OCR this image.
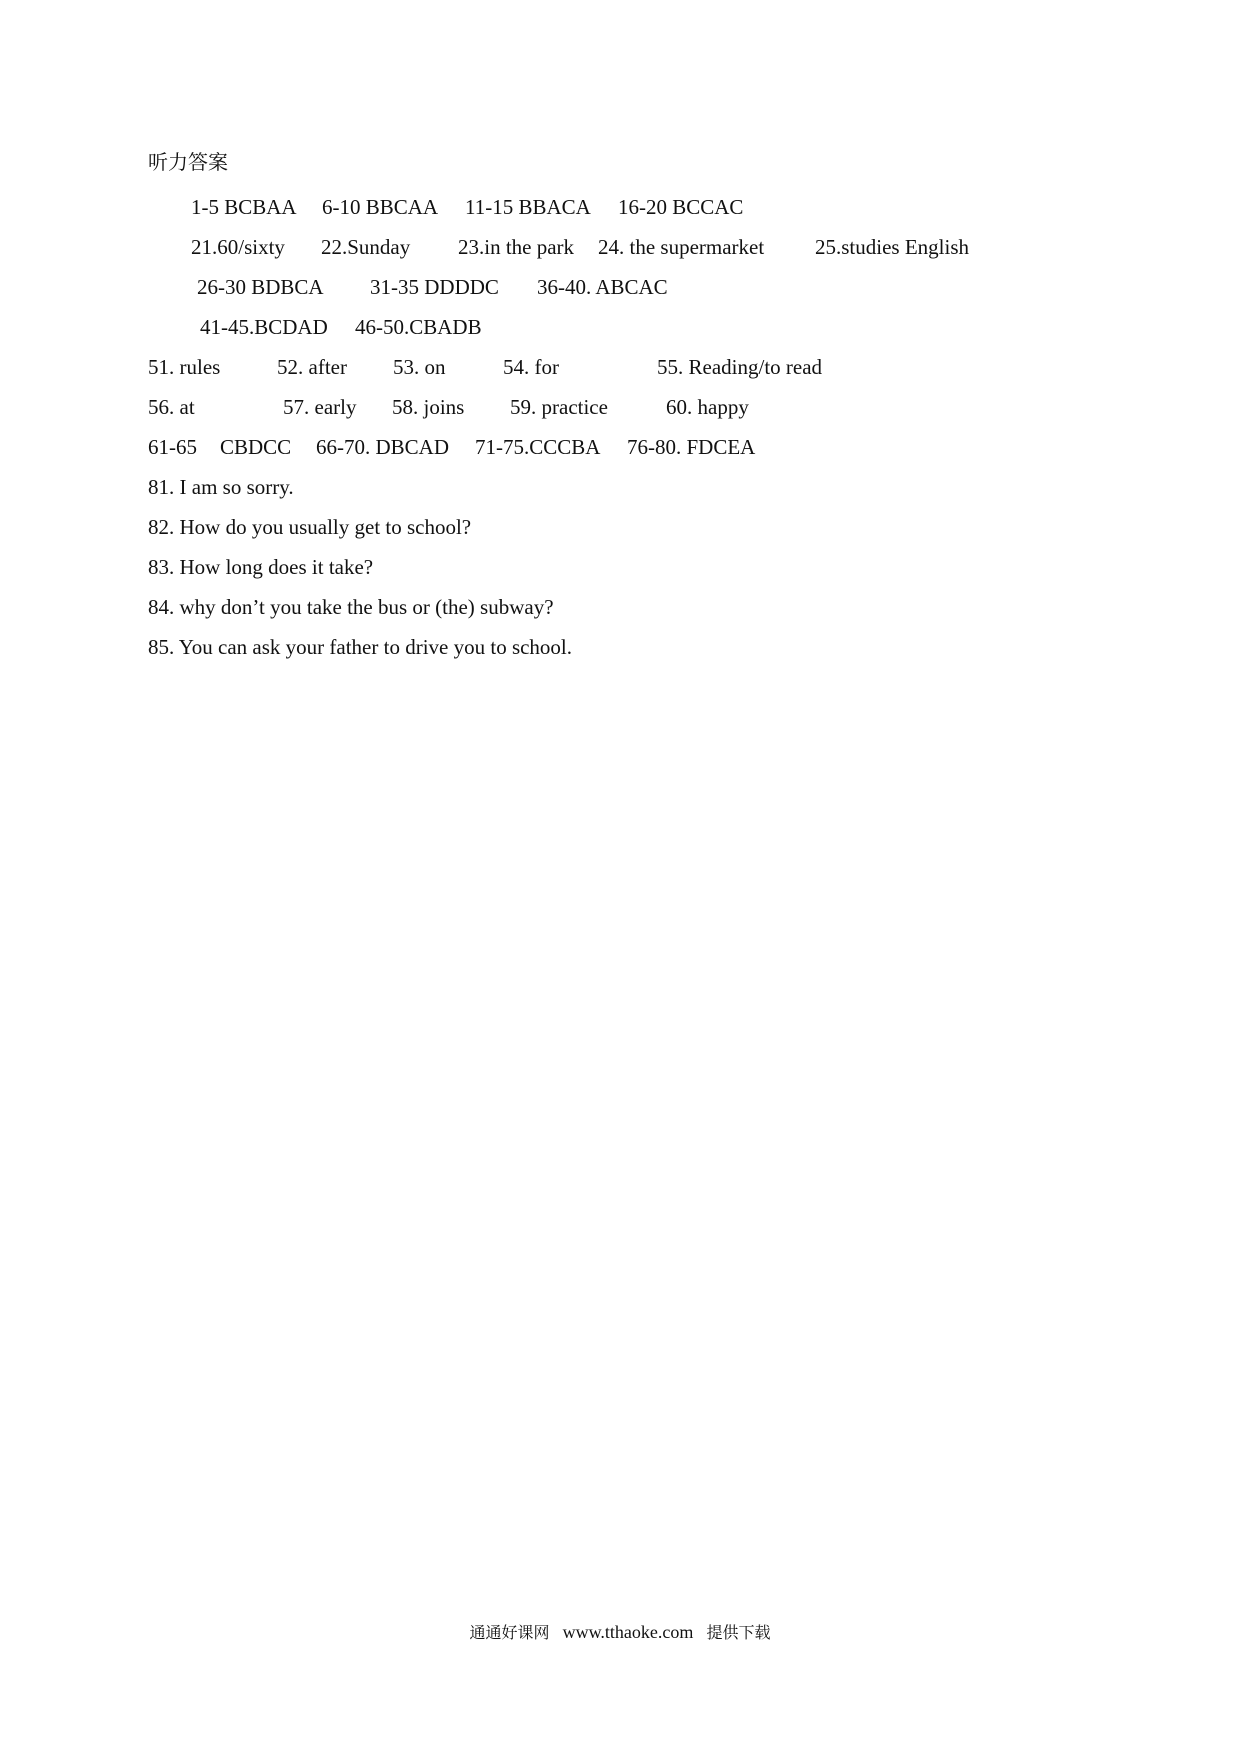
听力答案
1-5 BCBAA 6-10 BBCAA 11-15 BBACA 16-20 BCCAC
21.60/sixty 22.Sunday 23.in the park 24. the supermarket 25.studies English
26-30 BDBCA 31-35 DDDDC 36-40. ABCAC
41-45.BCDAD 46-50.CBADB
51. rules	52. after 53. on	54. for	55. Reading/to read
56. at	57. early 58. joins 59. practice	60. happy
61-65 CBDCC 66-70. DBCAD 71-75.CCCBA 76-80. FDCEA
81. I am so sorry.
82. How do you usually get to school?
83. How long does it take?
84. why don’t you take the bus or (the) subway?
85. You can ask your father to drive you to school.
通通好课网 www.tthaoke.com 提供下载
